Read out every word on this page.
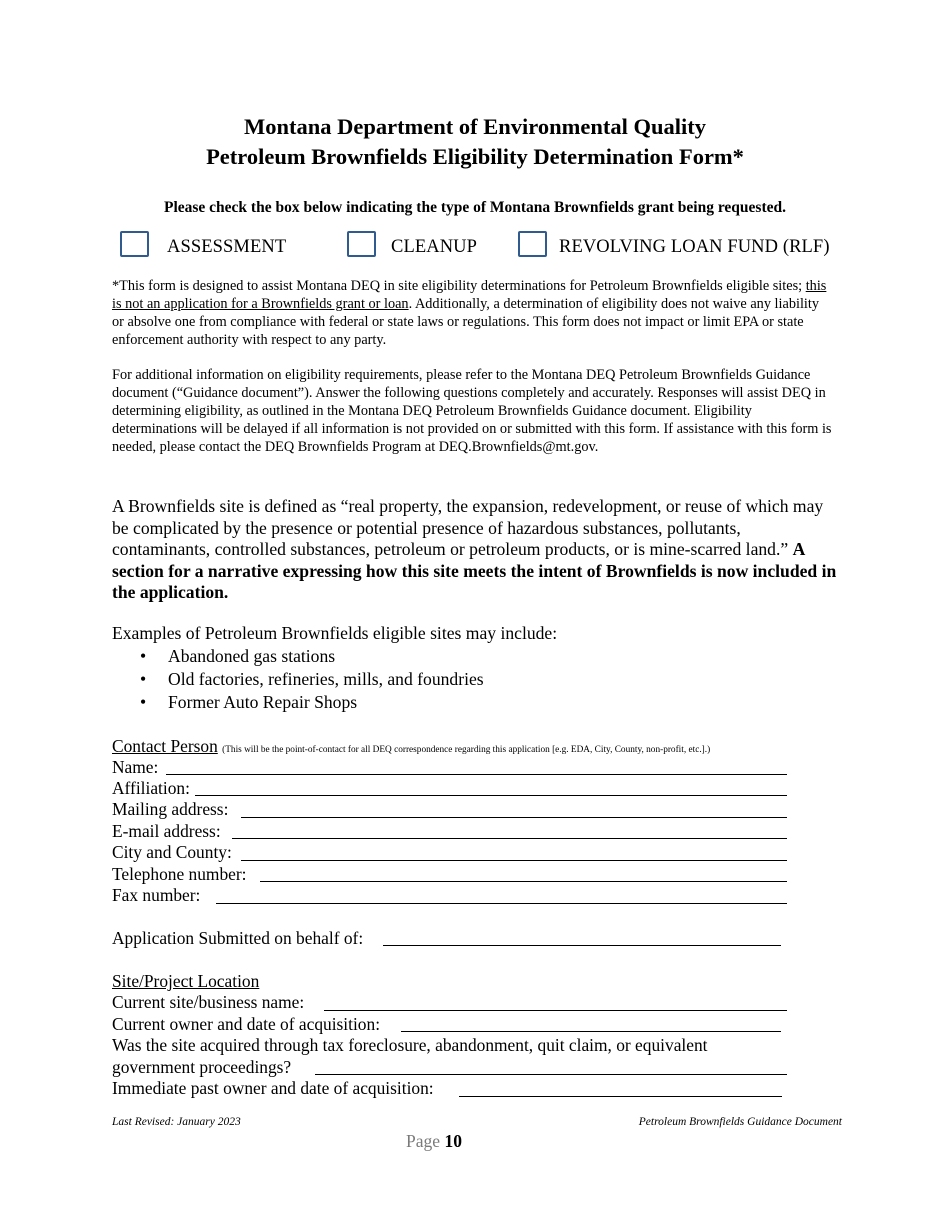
Montana Department of Environmental Quality
Petroleum Brownfields Eligibility Determination Form*
Please check the box below indicating the type of Montana Brownfields grant being requested.
ASSESSMENT	CLEANUP	REVOLVING LOAN FUND (RLF)
*This form is designed to assist Montana DEQ in site eligibility determinations for Petroleum Brownfields eligible sites; this is not an application for a Brownfields grant or loan. Additionally, a determination of eligibility does not waive any liability or absolve one from compliance with federal or state laws or regulations. This form does not impact or limit EPA or state enforcement authority with respect to any party.
For additional information on eligibility requirements, please refer to the Montana DEQ Petroleum Brownfields Guidance document (“Guidance document”). Answer the following questions completely and accurately. Responses will assist DEQ in determining eligibility, as outlined in the Montana DEQ Petroleum Brownfields Guidance document. Eligibility determinations will be delayed if all information is not provided on or submitted with this form. If assistance with this form is needed, please contact the DEQ Brownfields Program at DEQ.Brownfields@mt.gov.
A Brownfields site is defined as “real property, the expansion, redevelopment, or reuse of which may be complicated by the presence or potential presence of hazardous substances, pollutants, contaminants, controlled substances, petroleum or petroleum products, or is mine-scarred land.” A section for a narrative expressing how this site meets the intent of Brownfields is now included in the application.
Examples of Petroleum Brownfields eligible sites may include:
• Abandoned gas stations
• Old factories, refineries, mills, and foundries
• Former Auto Repair Shops
Contact Person (This will be the point-of-contact for all DEQ correspondence regarding this application [e.g. EDA, City, County, non-profit, etc.].)
Name:
Affiliation:
Mailing address:
E-mail address:
City and County:
Telephone number:
Fax number:
Application Submitted on behalf of:
Site/Project Location
Current site/business name:
Current owner and date of acquisition:
Was the site acquired through tax foreclosure, abandonment, quit claim, or equivalent
government proceedings?
Immediate past owner and date of acquisition:
Last Revised: January 2023	Petroleum Brownfields Guidance Document
Page 10
